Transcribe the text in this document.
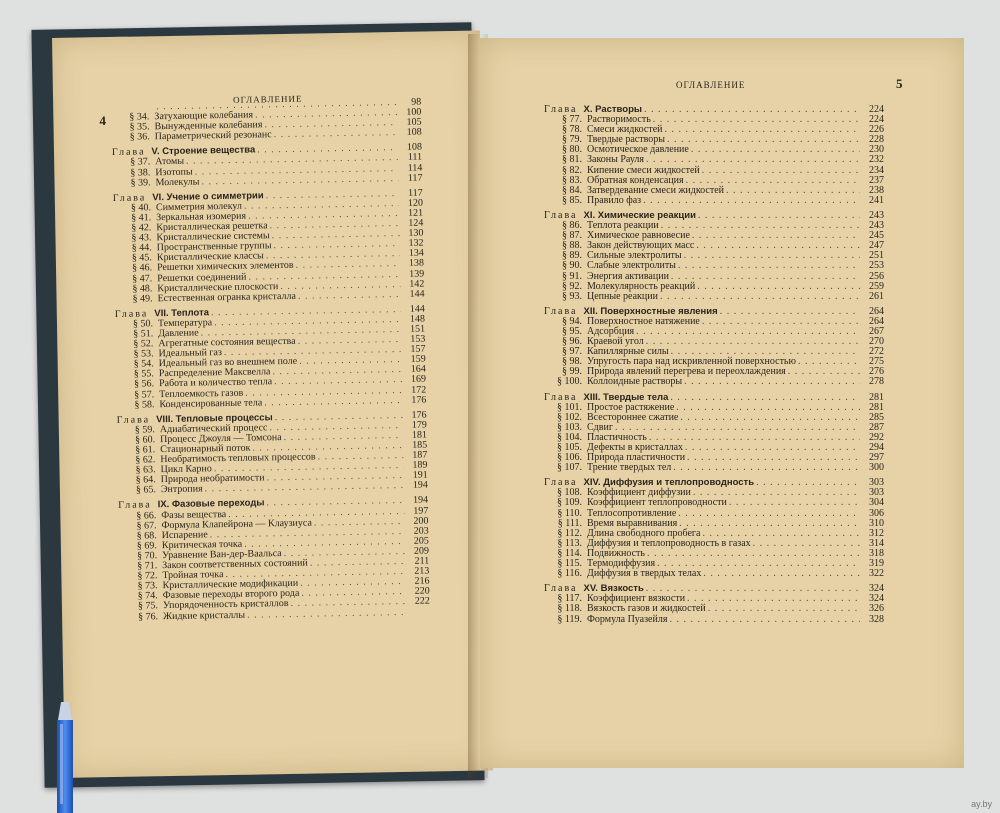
4
ОГЛАВЛЕНИЕ . . .	98
§ 34. Затухающие колебания . . .	100
§ 35. Вынужденные колебания . . .	105
§ 36. Параметрический резонанс . . .	108
Глава V. Строение вещества . . .	108
§ 37. Атомы . . .	111
§ 38. Изотопы . . .	114
§ 39. Молекулы . . .	117
Глава VI. Учение о симметрии . . .	117
§ 40. Симметрия молекул . . .	120
§ 41. Зеркальная изомерия . . .	121
§ 42. Кристаллическая решетка . . .	124
§ 43. Кристаллические системы . . .	130
§ 44. Пространственные группы . . .	132
§ 45. Кристаллические классы . . .	134
§ 46. Решетки химических элементов . . .	138
§ 47. Решетки соединений . . .	139
§ 48. Кристаллические плоскости . . .	142
§ 49. Естественная огранка кристалла . . .	144
Глава VII. Теплота . . .	144
§ 50. Температура . . .	148
§ 51. Давление . . .	151
§ 52. Агрегатные состояния вещества . . .	153
§ 53. Идеальный газ . . .	157
§ 54. Идеальный газ во внешнем поле . . .	159
§ 55. Распределение Максвелла . . .	164
§ 56. Работа и количество тепла . . .	169
§ 57. Теплоемкость газов . . .	172
§ 58. Конденсированные тела . . .	176
Глава VIII. Тепловые процессы . . .	176
§ 59. Адиабатический процесс . . .	179
§ 60. Процесс Джоуля — Томсона . . .	181
§ 61. Стационарный поток . . .	185
§ 62. Необратимость тепловых процессов . . .	187
§ 63. Цикл Карно . . .	189
§ 64. Природа необратимости . . .	191
§ 65. Энтропия . . .	194
Глава IX. Фазовые переходы . . .	194
§ 66. Фазы вещества . . .	197
§ 67. Формула Клапейрона — Клаузиуса . . .	200
§ 68. Испарение . . .	203
§ 69. Критическая точка . . .	205
§ 70. Уравнение Ван-дер-Ваальса . . .	209
§ 71. Закон соответственных состояний . . .	211
§ 72. Тройная точка . . .	213
§ 73. Кристаллические модификации . . .	216
§ 74. Фазовые переходы второго рода . . .	220
§ 75. Упорядоченность кристаллов . . .	222
§ 76. Жидкие кристаллы
. . .
ОГЛАВЛЕНИЕ	5
Глава X. Растворы . . .	224
§ 77. Растворимость . . .	224
§ 78. Смеси жидкостей . . .	226
§ 79. Твердые растворы . . .	228
§ 80. Осмотическое давление . . .	230
§ 81. Законы Рауля . . .	232
§ 82. Кипение смеси жидкостей . . .	234
§ 83. Обратная конденсация . . .	237
§ 84. Затвердевание смеси жидкостей . . .	238
§ 85. Правило фаз . . .	241
Глава XI. Химические реакции . . .	243
§ 86. Теплота реакции . . .	243
§ 87. Химическое равновесие . . .	245
§ 88. Закон действующих масс . . .	247
§ 89. Сильные электролиты . . .	251
§ 90. Слабые электролиты . . .	253
§ 91. Энергия активации . . .	256
§ 92. Молекулярность реакций . . .	259
§ 93. Цепные реакции . . .	261
Глава XII. Поверхностные явления . . .	264
§ 94. Поверхностное натяжение . . .	264
§ 95. Адсорбция . . .	267
§ 96. Краевой угол . . .	270
§ 97. Капиллярные силы . . .	272
§ 98. Упругость пара над искривленной поверхностью . . .	275
§ 99. Природа явлений перегрева и переохлаждения . . .	276
§ 100. Коллоидные растворы . . .	278
Глава XIII. Твердые тела . . .	281
§ 101. Простое растяжение . . .	281
§ 102. Всестороннее сжатие . . .	285
§ 103. Сдвиг . . .	287
§ 104. Пластичность . . .	292
§ 105. Дефекты в кристаллах . . .	294
§ 106. Природа пластичности . . .	297
§ 107. Трение твердых тел . . .	300
Глава XIV. Диффузия и теплопроводность . . .	303
§ 108. Коэффициент диффузии . . .	303
§ 109. Коэффициент теплопроводности . . .	304
§ 110. Теплосопротивление . . .	306
§ 111. Время выравнивания . . .	310
§ 112. Длина свободного пробега . . .	312
§ 113. Диффузия и теплопроводность в газах . . .	314
§ 114. Подвижность . . .	318
§ 115. Термодиффузия . . .	319
§ 116. Диффузия в твердых телах . . .	322
Глава XV. Вязкость . . .	324
§ 117. Коэффициент вязкости . . .	324
§ 118. Вязкость газов и жидкостей . . .	326
§ 119. Формула Пуазейля . . .	328
ay.by
